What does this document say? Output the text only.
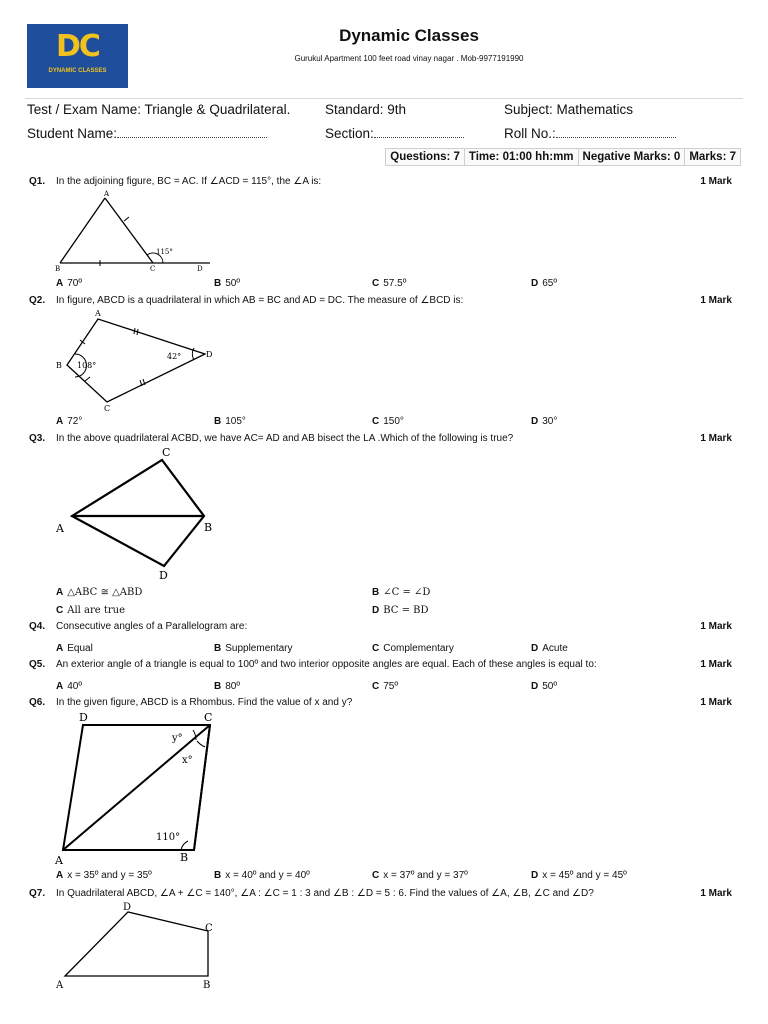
DC
DYNAMIC CLASSES
Dynamic Classes
Gurukul Apartment 100 feet road vinay nagar . Mob-9977191990
Test / Exam Name: Triangle & Quadrilateral.	Standard: 9th	Subject: Mathematics
Student Name:	Section:	Roll No.:
Questions: 7 Time: 01:00 hh:mm Negative Marks: 0 Marks: 7
Q1. In the adjoining figure, BC = AC. If ∠ACD = 115°, the ∠A is:	1 Mark
A
B	C	D
115°
A 70º	B 50º	C 57.5º	D 65º
Q2. In figure, ABCD is a quadrilateral in which AB = BC and AD = DC. The measure of ∠BCD is:	1 Mark
A
B
C
D
108°
42°
A 72°	B 105°	C 150°	D 30°
Q3. In the above quadrilateral ACBD, we have AC= AD and AB bisect the LA .Which of the following is true?	1 Mark
C
A	B
D
A △ABC ≅ △ABD	B ∠C = ∠D
C All are true	D BC = BD
Q4. Consecutive angles of a Parallelogram are:	1 Mark
A Equal	B Supplementary	C Complementary	D Acute
Q5. An exterior angle of a triangle is equal to 100º and two interior opposite angles are equal. Each of these angles is equal to:	1 Mark
A 40º	B 80º	C 75º	D 50º
Q6. In the given figure, ABCD is a Rhombus. Find the value of x and y?	1 Mark
D	C
A	B
y°
x°
110°
A x = 35º and y = 35º	B x = 40º and y = 40º	C x = 37º and y = 37º	D x = 45º and y = 45º
Q7. In Quadrilateral ABCD, ∠A + ∠C = 140°, ∠A : ∠C = 1 : 3 and ∠B : ∠D = 5 : 6. Find the values of ∠A, ∠B, ∠C and ∠D?	1 Mark
D
C
A	B
